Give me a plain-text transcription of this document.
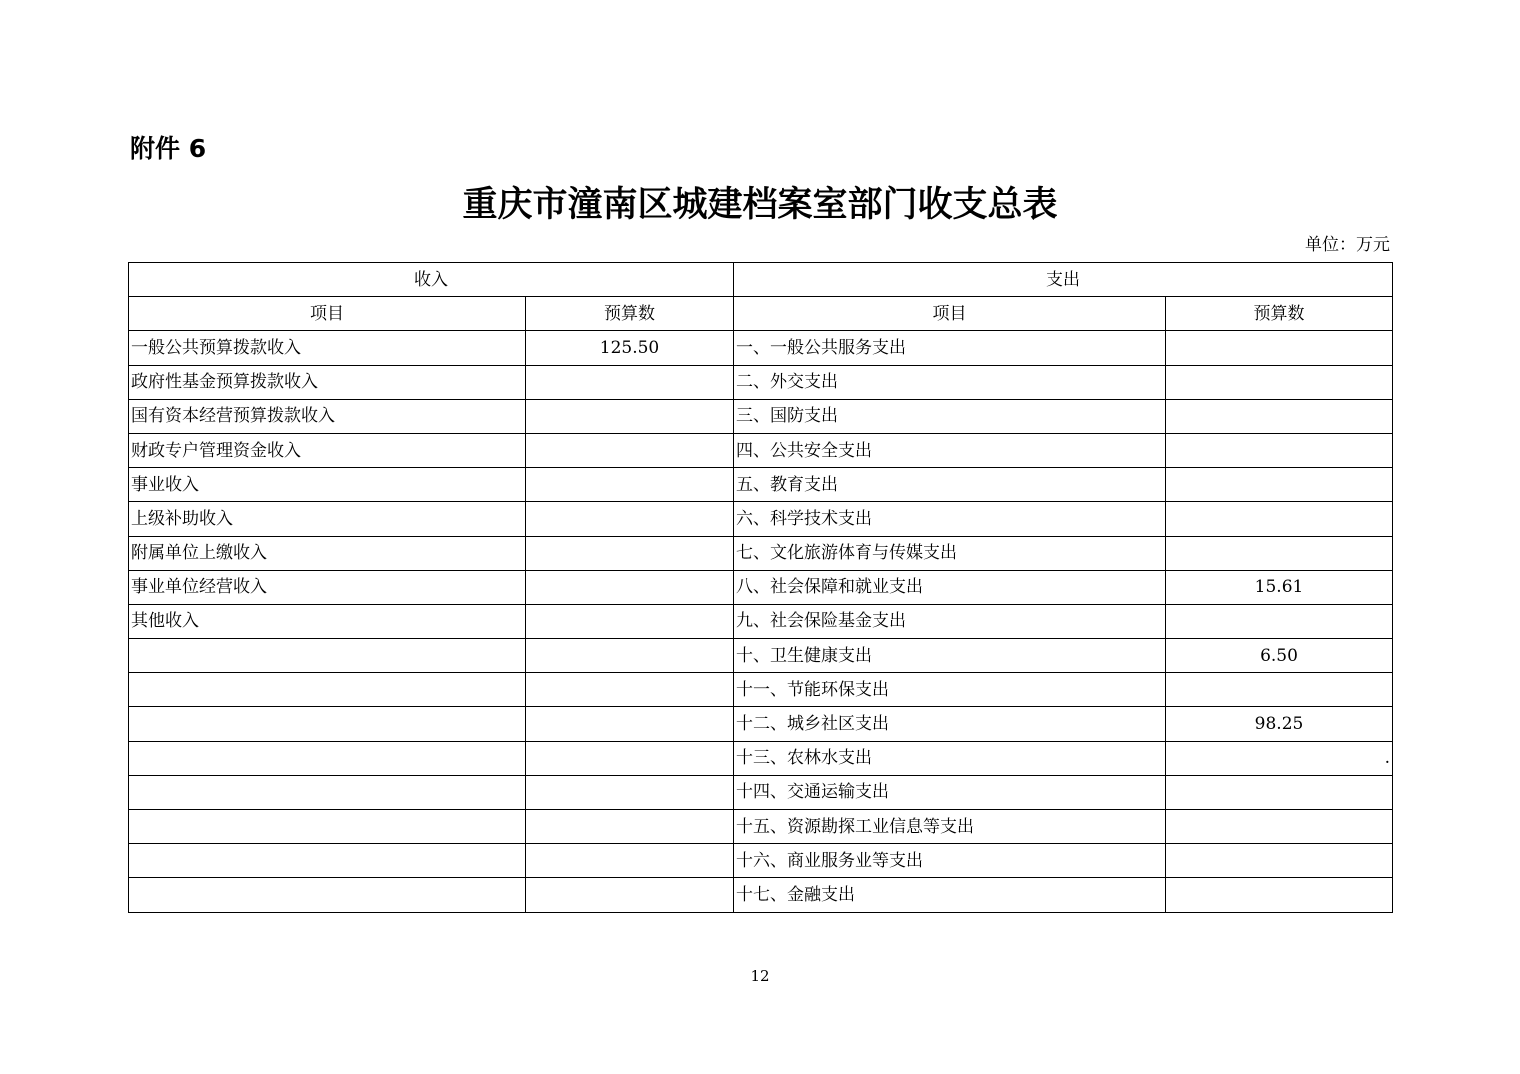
附件 6
重庆市潼南区城建档案室部门收支总表
单位：万元
收入		支出	
项目	预算数	项目	预算数
一般公共预算拨款收入	125.50	一、一般公共服务支出	
政府性基金预算拨款收入		二、外交支出	
国有资本经营预算拨款收入		三、国防支出	
财政专户管理资金收入		四、公共安全支出	
事业收入		五、教育支出	
上级补助收入		六、科学技术支出	
附属单位上缴收入		七、文化旅游体育与传媒支出	
事业单位经营收入		八、社会保障和就业支出	15.61
其他收入		九、社会保险基金支出	
		十、卫生健康支出	6.50
		十一、节能环保支出	
		十二、城乡社区支出	98.25
		十三、农林水支出	.
		十四、交通运输支出	
		十五、资源勘探工业信息等支出	
		十六、商业服务业等支出	
		十七、金融支出	
12
